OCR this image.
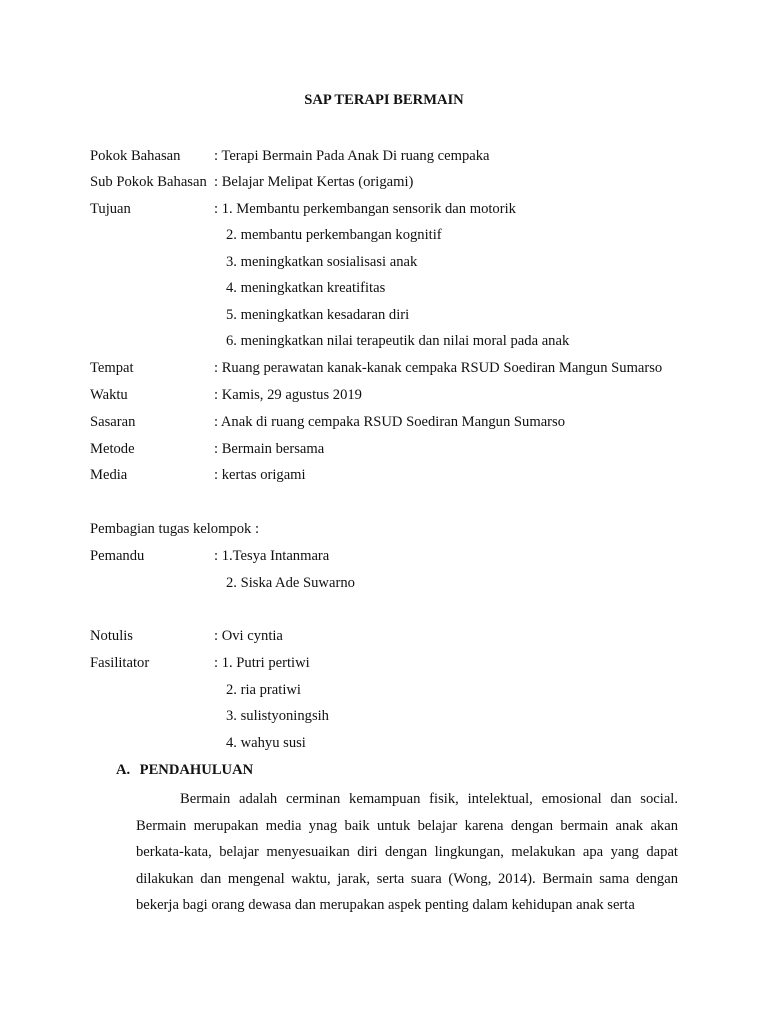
SAP TERAPI BERMAIN
Pokok Bahasan : Terapi Bermain Pada Anak Di ruang cempaka
Sub Pokok Bahasan : Belajar Melipat Kertas (origami)
Tujuan	: 1. Membantu perkembangan sensorik dan motorik
2. membantu perkembangan kognitif
3. meningkatkan sosialisasi anak
4. meningkatkan kreatifitas
5. meningkatkan kesadaran diri
6. meningkatkan nilai terapeutik dan nilai moral pada anak
Tempat	: Ruang perawatan kanak-kanak cempaka RSUD Soediran Mangun Sumarso
Waktu	: Kamis, 29 agustus 2019
Sasaran	: Anak di ruang cempaka RSUD Soediran Mangun Sumarso
Metode	: Bermain bersama
Media	: kertas origami
Pembagian tugas kelompok :
Pemandu	: 1.Tesya Intanmara
2. Siska Ade Suwarno
Notulis	: Ovi cyntia
Fasilitator	: 1. Putri pertiwi
2. ria pratiwi
3. sulistyoningsih
4. wahyu susi
A. PENDAHULUAN

Bermain adalah cerminan kemampuan fisik, intelektual, emosional dan social. Bermain merupakan media ynag baik untuk belajar karena dengan bermain anak akan berkata-kata, belajar menyesuaikan diri dengan lingkungan, melakukan apa yang dapat dilakukan dan mengenal waktu, jarak, serta suara (Wong, 2014). Bermain sama dengan bekerja bagi orang dewasa dan merupakan aspek penting dalam kehidupan anak serta
